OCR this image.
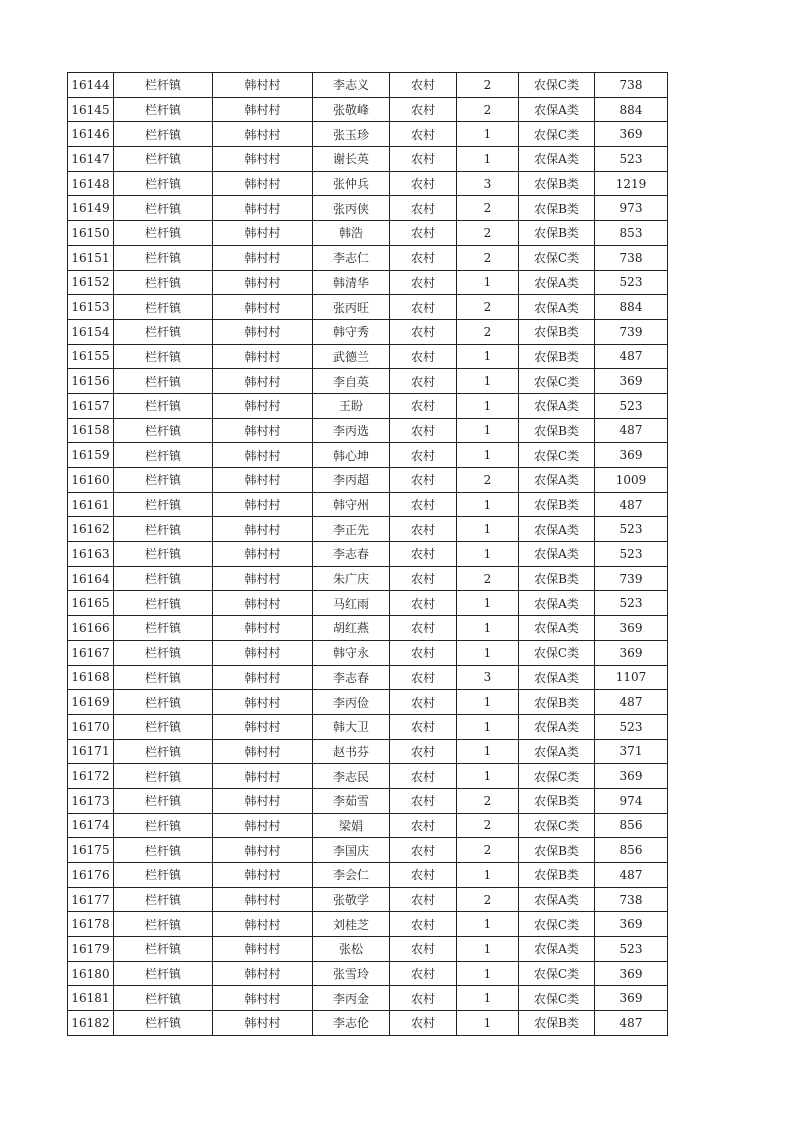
16144	栏杆镇	韩村村	李志义	农村	2	农保C类	738
16145	栏杆镇	韩村村	张敬峰	农村	2	农保A类	884
16146	栏杆镇	韩村村	张玉珍	农村	1	农保C类	369
16147	栏杆镇	韩村村	谢长英	农村	1	农保A类	523
16148	栏杆镇	韩村村	张仲兵	农村	3	农保B类	1219
16149	栏杆镇	韩村村	张丙侠	农村	2	农保B类	973
16150	栏杆镇	韩村村	韩浩	农村	2	农保B类	853
16151	栏杆镇	韩村村	李志仁	农村	2	农保C类	738
16152	栏杆镇	韩村村	韩清华	农村	1	农保A类	523
16153	栏杆镇	韩村村	张丙旺	农村	2	农保A类	884
16154	栏杆镇	韩村村	韩守秀	农村	2	农保B类	739
16155	栏杆镇	韩村村	武德兰	农村	1	农保B类	487
16156	栏杆镇	韩村村	李自英	农村	1	农保C类	369
16157	栏杆镇	韩村村	王盼	农村	1	农保A类	523
16158	栏杆镇	韩村村	李丙选	农村	1	农保B类	487
16159	栏杆镇	韩村村	韩心坤	农村	1	农保C类	369
16160	栏杆镇	韩村村	李丙超	农村	2	农保A类	1009
16161	栏杆镇	韩村村	韩守州	农村	1	农保B类	487
16162	栏杆镇	韩村村	李正先	农村	1	农保A类	523
16163	栏杆镇	韩村村	李志春	农村	1	农保A类	523
16164	栏杆镇	韩村村	朱广庆	农村	2	农保B类	739
16165	栏杆镇	韩村村	马红雨	农村	1	农保A类	523
16166	栏杆镇	韩村村	胡红燕	农村	1	农保A类	369
16167	栏杆镇	韩村村	韩守永	农村	1	农保C类	369
16168	栏杆镇	韩村村	李志春	农村	3	农保A类	1107
16169	栏杆镇	韩村村	李丙俭	农村	1	农保B类	487
16170	栏杆镇	韩村村	韩大卫	农村	1	农保A类	523
16171	栏杆镇	韩村村	赵书芬	农村	1	农保A类	371
16172	栏杆镇	韩村村	李志民	农村	1	农保C类	369
16173	栏杆镇	韩村村	李茹雪	农村	2	农保B类	974
16174	栏杆镇	韩村村	梁娟	农村	2	农保C类	856
16175	栏杆镇	韩村村	李国庆	农村	2	农保B类	856
16176	栏杆镇	韩村村	李会仁	农村	1	农保B类	487
16177	栏杆镇	韩村村	张敬学	农村	2	农保A类	738
16178	栏杆镇	韩村村	刘桂芝	农村	1	农保C类	369
16179	栏杆镇	韩村村	张松	农村	1	农保A类	523
16180	栏杆镇	韩村村	张雪玲	农村	1	农保C类	369
16181	栏杆镇	韩村村	李丙金	农村	1	农保C类	369
16182	栏杆镇	韩村村	李志伦	农村	1	农保B类	487
